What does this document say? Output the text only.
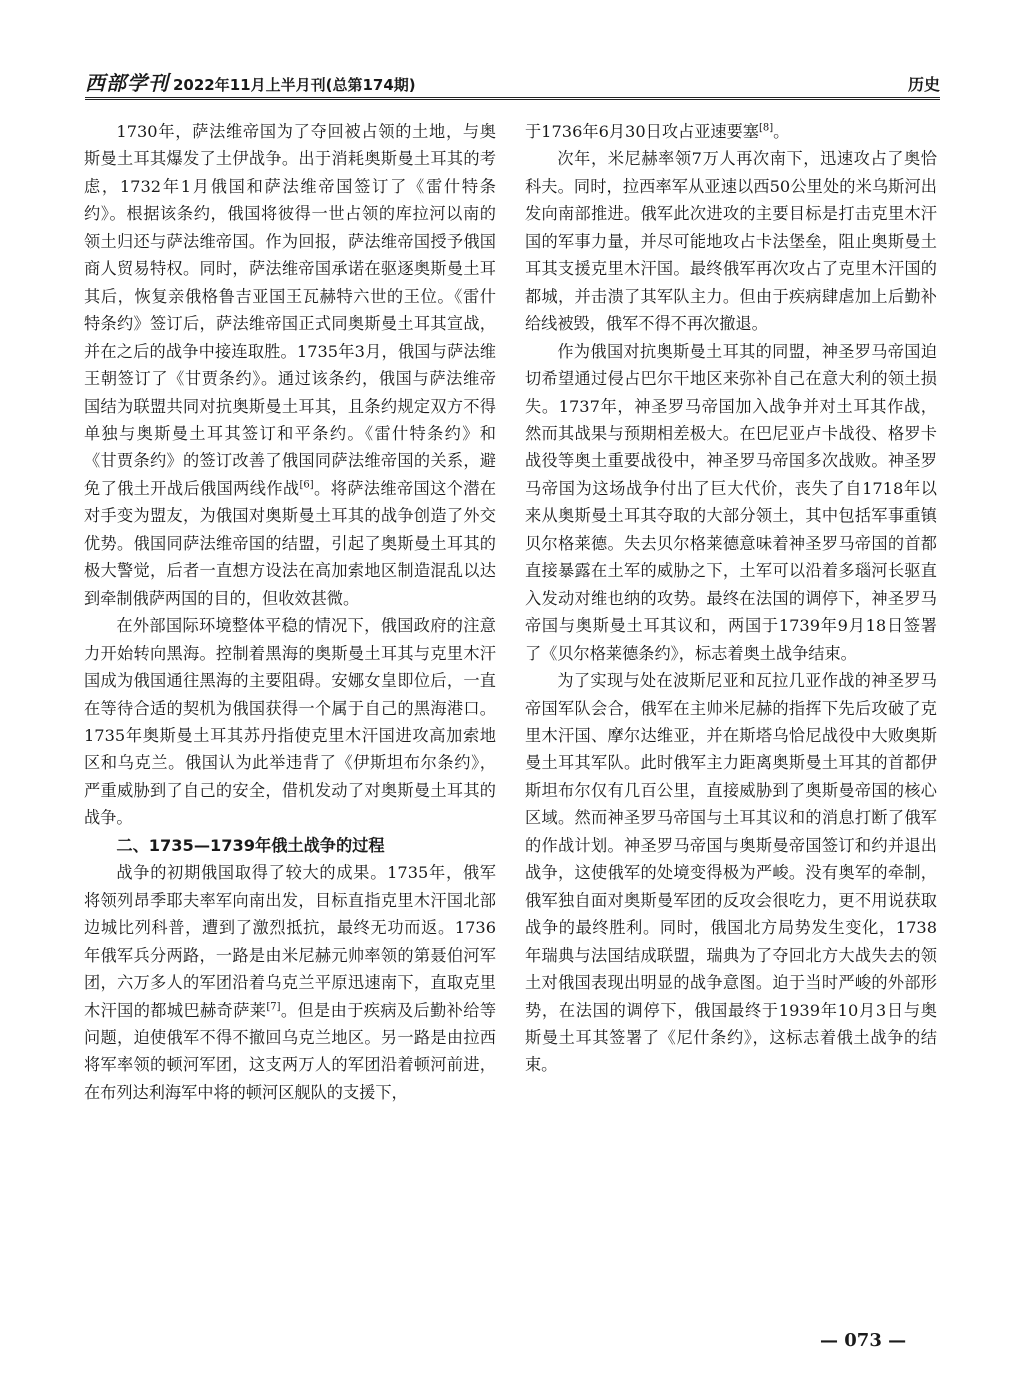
西部学刊 2022年11月上半月刊(总第174期)	历史

1730年，萨法维帝国为了夺回被占领的土地，与奥斯曼土耳其爆发了土伊战争。出于消耗奥斯曼土耳其的考虑，1732年1月俄国和萨法维帝国签订了《雷什特条约》。根据该条约，俄国将彼得一世占领的库拉河以南的领土归还与萨法维帝国。作为回报，萨法维帝国授予俄国商人贸易特权。同时，萨法维帝国承诺在驱逐奥斯曼土耳其后，恢复亲俄格鲁吉亚国王瓦赫特六世的王位。《雷什特条约》签订后，萨法维帝国正式同奥斯曼土耳其宣战，并在之后的战争中接连取胜。1735年3月，俄国与萨法维王朝签订了《甘贾条约》。通过该条约，俄国与萨法维帝国结为联盟共同对抗奥斯曼土耳其，且条约规定双方不得单独与奥斯曼土耳其签订和平条约。《雷什特条约》和《甘贾条约》的签订改善了俄国同萨法维帝国的关系，避免了俄土开战后俄国两线作战[6]。将萨法维帝国这个潜在对手变为盟友，为俄国对奥斯曼土耳其的战争创造了外交优势。俄国同萨法维帝国的结盟，引起了奥斯曼土耳其的极大警觉，后者一直想方设法在高加索地区制造混乱以达到牵制俄萨两国的目的，但收效甚微。

在外部国际环境整体平稳的情况下，俄国政府的注意力开始转向黑海。控制着黑海的奥斯曼土耳其与克里木汗国成为俄国通往黑海的主要阻碍。安娜女皇即位后，一直在等待合适的契机为俄国获得一个属于自己的黑海港口。1735年奥斯曼土耳其苏丹指使克里木汗国进攻高加索地区和乌克兰。俄国认为此举违背了《伊斯坦布尔条约》，严重威胁到了自己的安全，借机发动了对奥斯曼土耳其的战争。

二、1735—1739年俄土战争的过程

战争的初期俄国取得了较大的成果。1735年，俄军将领列昂季耶夫率军向南出发，目标直指克里木汗国北部边城比列科普，遭到了激烈抵抗，最终无功而返。1736年俄军兵分两路，一路是由米尼赫元帅率领的第聂伯河军团，六万多人的军团沿着乌克兰平原迅速南下，直取克里木汗国的都城巴赫奇萨莱[7]。但是由于疾病及后勤补给等问题，迫使俄军不得不撤回乌克兰地区。另一路是由拉西将军率领的顿河军团，这支两万人的军团沿着顿河前进，在布列达利海军中将的顿河区舰队的支援下，

于1736年6月30日攻占亚速要塞[8]。

次年，米尼赫率领7万人再次南下，迅速攻占了奥恰科夫。同时，拉西率军从亚速以西50公里处的米乌斯河出发向南部推进。俄军此次进攻的主要目标是打击克里木汗国的军事力量，并尽可能地攻占卡法堡垒，阻止奥斯曼土耳其支援克里木汗国。最终俄军再次攻占了克里木汗国的都城，并击溃了其军队主力。但由于疾病肆虐加上后勤补给线被毁，俄军不得不再次撤退。

作为俄国对抗奥斯曼土耳其的同盟，神圣罗马帝国迫切希望通过侵占巴尔干地区来弥补自己在意大利的领土损失。1737年，神圣罗马帝国加入战争并对土耳其作战，然而其战果与预期相差极大。在巴尼亚卢卡战役、格罗卡战役等奥土重要战役中，神圣罗马帝国多次战败。神圣罗马帝国为这场战争付出了巨大代价，丧失了自1718年以来从奥斯曼土耳其夺取的大部分领土，其中包括军事重镇贝尔格莱德。失去贝尔格莱德意味着神圣罗马帝国的首都直接暴露在土军的威胁之下，土军可以沿着多瑙河长驱直入发动对维也纳的攻势。最终在法国的调停下，神圣罗马帝国与奥斯曼土耳其议和，两国于1739年9月18日签署了《贝尔格莱德条约》，标志着奥土战争结束。

为了实现与处在波斯尼亚和瓦拉几亚作战的神圣罗马帝国军队会合，俄军在主帅米尼赫的指挥下先后攻破了克里木汗国、摩尔达维亚，并在斯塔乌恰尼战役中大败奥斯曼土耳其军队。此时俄军主力距离奥斯曼土耳其的首都伊斯坦布尔仅有几百公里，直接威胁到了奥斯曼帝国的核心区域。然而神圣罗马帝国与土耳其议和的消息打断了俄军的作战计划。神圣罗马帝国与奥斯曼帝国签订和约并退出战争，这使俄军的处境变得极为严峻。没有奥军的牵制，俄军独自面对奥斯曼军团的反攻会很吃力，更不用说获取战争的最终胜利。同时，俄国北方局势发生变化，1738年瑞典与法国结成联盟，瑞典为了夺回北方大战失去的领土对俄国表现出明显的战争意图。迫于当时严峻的外部形势，在法国的调停下，俄国最终于1939年10月3日与奥斯曼土耳其签署了《尼什条约》，这标志着俄土战争的结束。

— 073 —
